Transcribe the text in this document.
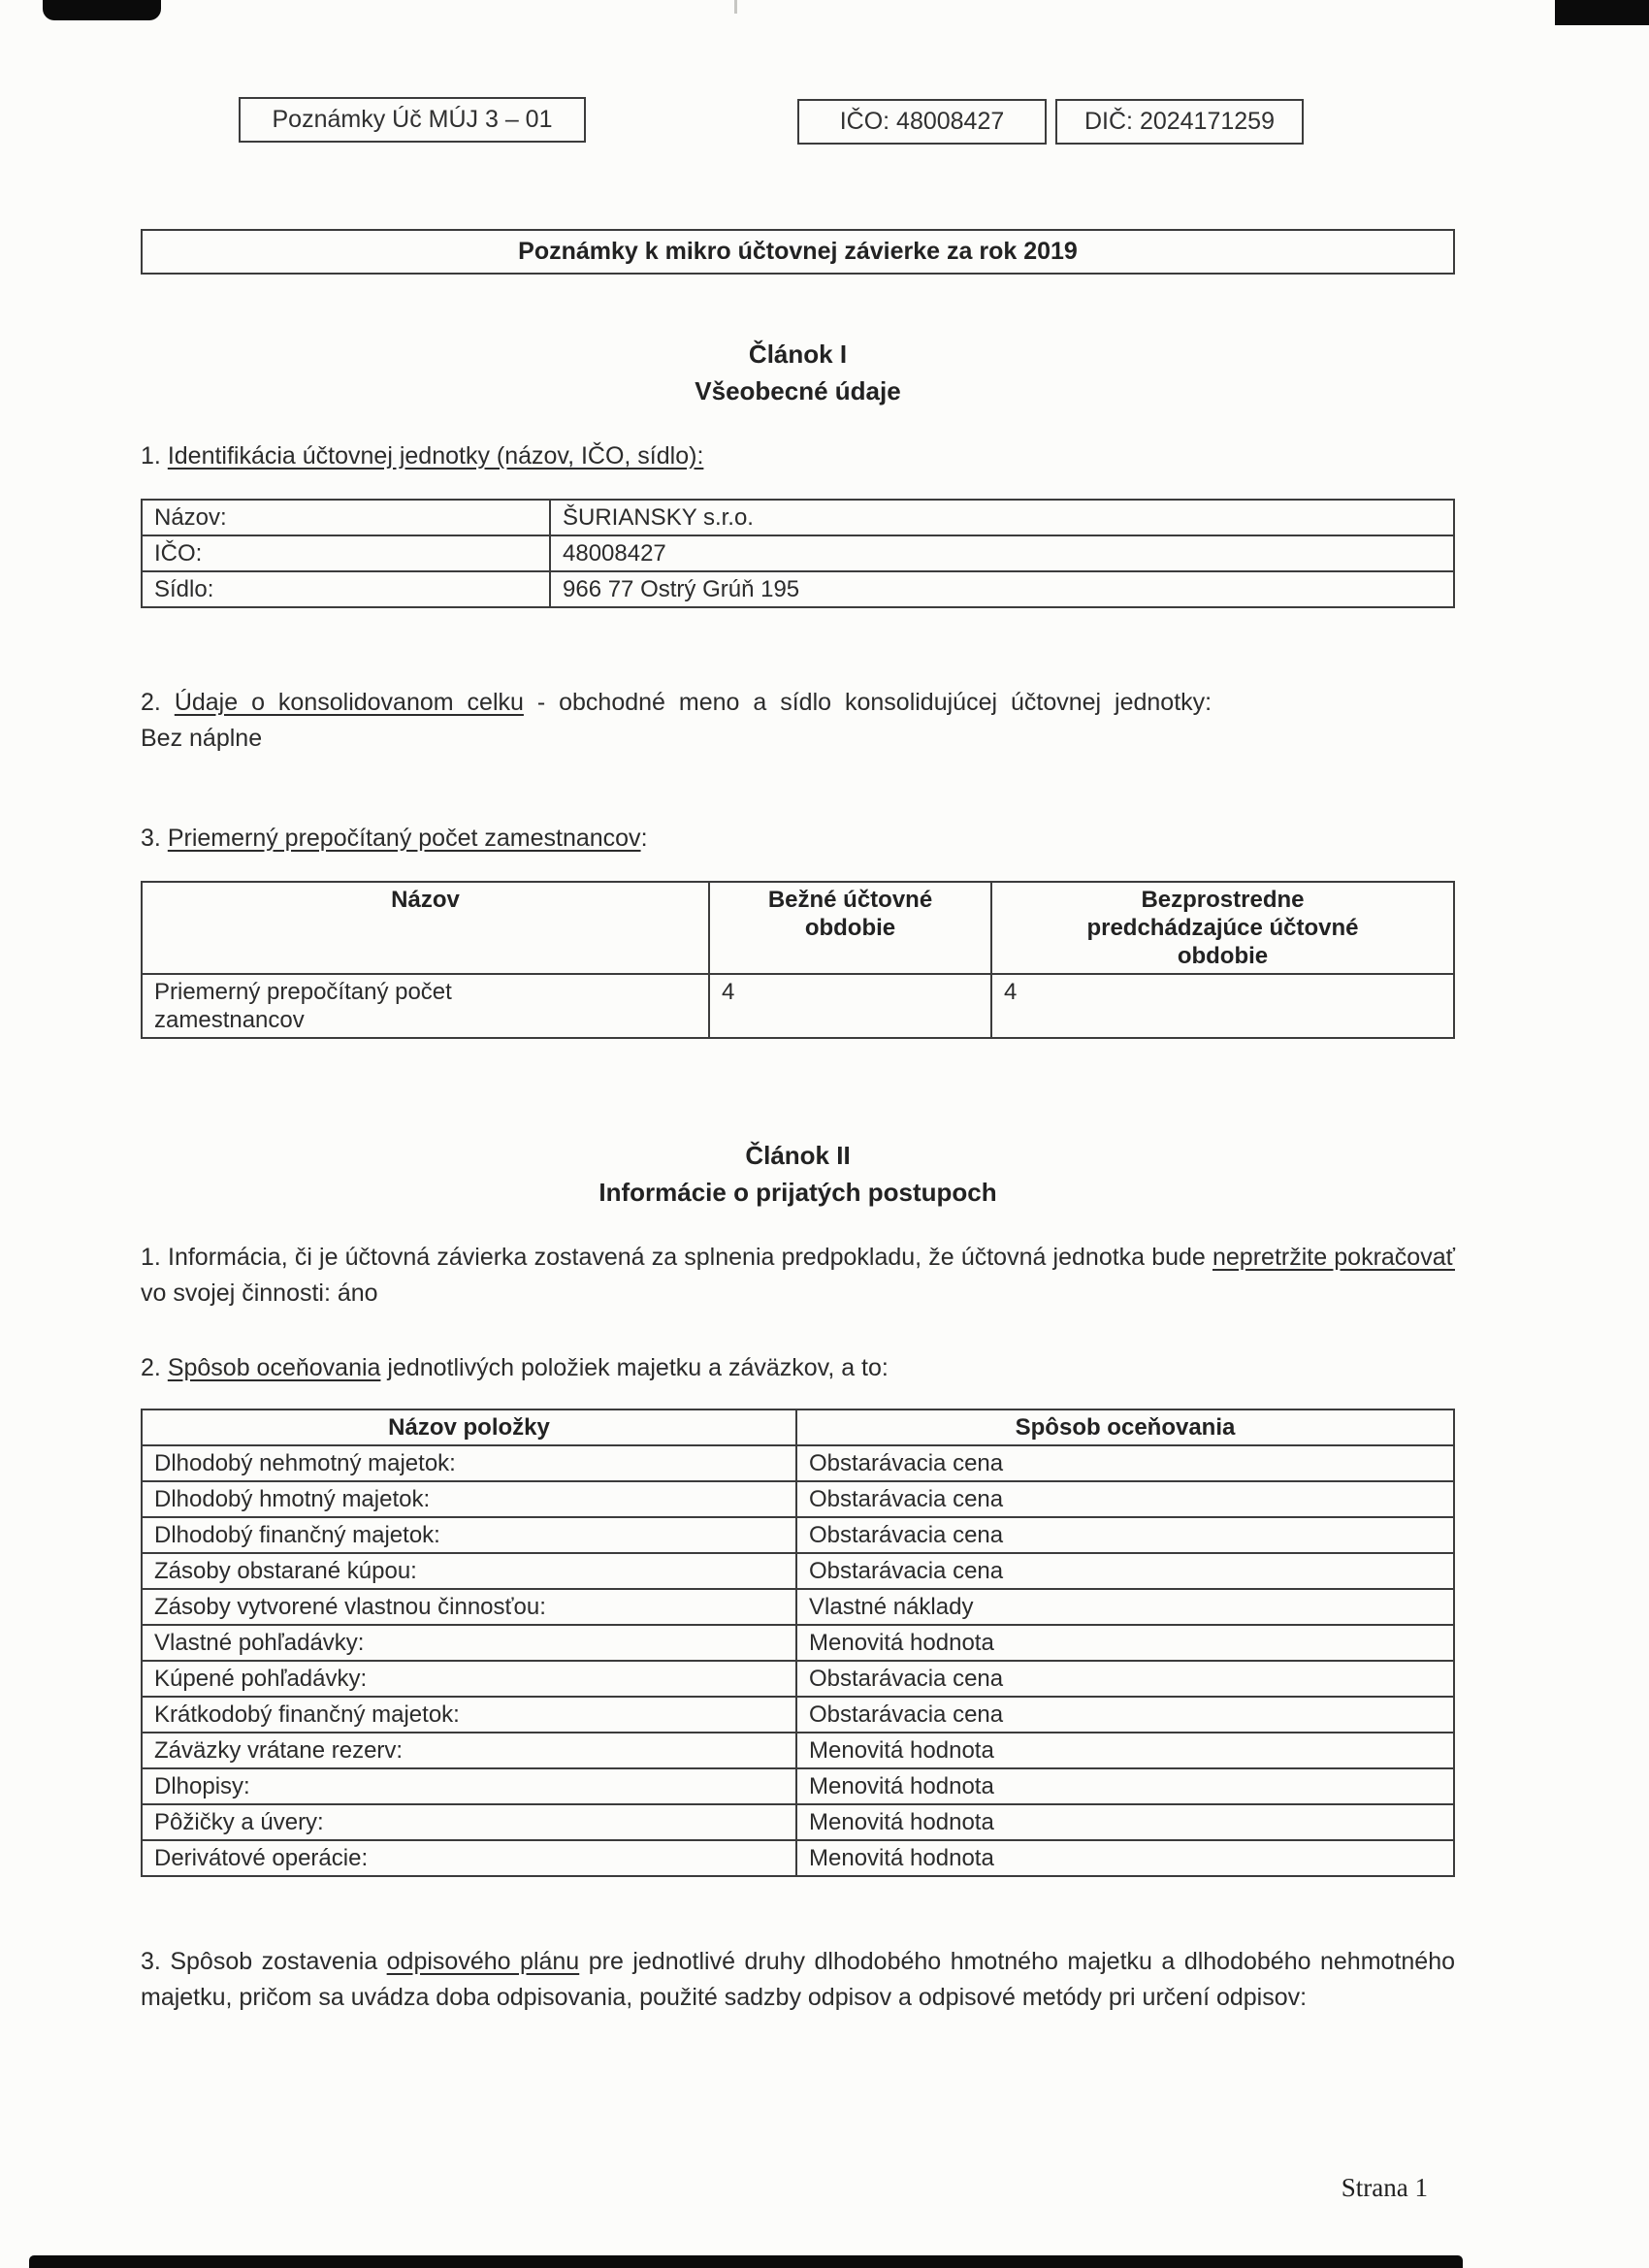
Poznámky Úč MÚJ 3 – 01	IČO: 48008427	DIČ: 2024171259
Poznámky k mikro účtovnej závierke za rok 2019
Článok I
Všeobecné údaje
1. Identifikácia účtovnej jednotky (názov, IČO, sídlo):
Názov:	ŠURIANSKY s.r.o.
IČO:	48008427
Sídlo:	966 77 Ostrý Grúň 195
2. Údaje o konsolidovanom celku - obchodné meno a sídlo konsolidujúcej účtovnej jednotky:
Bez náplne
3. Priemerný prepočítaný počet zamestnancov:
Názov	Bežné účtovné obdobie	Bezprostredne predchádzajúce účtovné obdobie

Priemerný prepočítaný počet zamestnancov	4	4
Článok II
Informácie o prijatých postupoch
1. Informácia, či je účtovná závierka zostavená za splnenia predpokladu, že účtovná jednotka bude nepretržite pokračovať vo svojej činnosti: áno
2. Spôsob oceňovania jednotlivých položiek majetku a záväzkov, a to:
Názov položky	Spôsob oceňovania
Dlhodobý nehmotný majetok:	Obstarávacia cena
Dlhodobý hmotný majetok:	Obstarávacia cena
Dlhodobý finančný majetok:	Obstarávacia cena
Zásoby obstarané kúpou:	Obstarávacia cena
Zásoby vytvorené vlastnou činnosťou:	Vlastné náklady
Vlastné pohľadávky:	Menovitá hodnota
Kúpené pohľadávky:	Obstarávacia cena
Krátkodobý finančný majetok:	Obstarávacia cena
Záväzky vrátane rezerv:	Menovitá hodnota
Dlhopisy:	Menovitá hodnota
Pôžičky a úvery:	Menovitá hodnota
Derivátové operácie:	Menovitá hodnota
3. Spôsob zostavenia odpisového plánu pre jednotlivé druhy dlhodobého hmotného majetku a dlhodobého nehmotného majetku, pričom sa uvádza doba odpisovania, použité sadzby odpisov a odpisové metódy pri určení odpisov:
Strana 1
